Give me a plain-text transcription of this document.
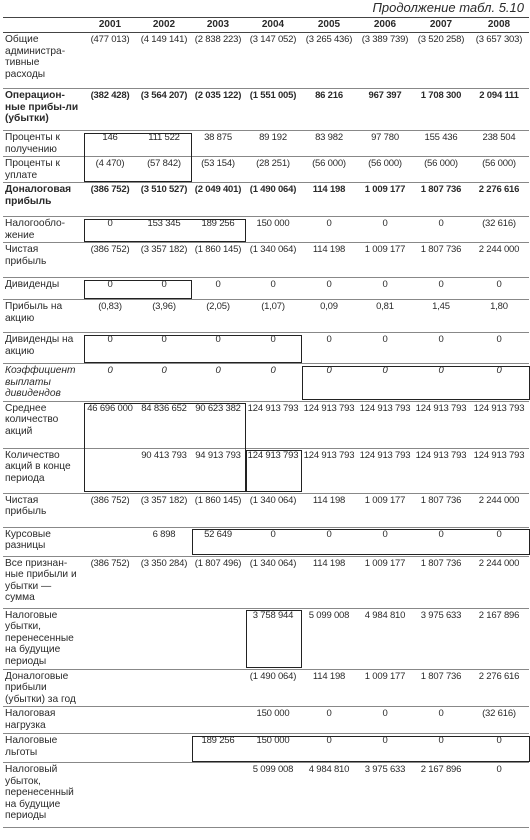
Продолжение табл. 5.10
	2001	2002	2003	2004	2005	2006	2007	2008
Общие администра-тивные расходы	(477 013)	(4 149 141)	(2 838 223)	(3 147 052)	(3 265 436)	(3 389 739)	(3 520 258)	(3 657 303)
Операцион-ные прибы-ли (убытки)	(382 428)	(3 564 207)	(2 035 122)	(1 551 005)	86 216	967 397	1 708 300	2 094 111
Проценты к получению	146	111 522	38 875	89 192	83 982	97 780	155 436	238 504
Проценты к уплате	(4 470)	(57 842)	(53 154)	(28 251)	(56 000)	(56 000)	(56 000)	(56 000)
Доналоговая прибыль	(386 752)	(3 510 527)	(2 049 401)	(1 490 064)	114 198	1 009 177	1 807 736	2 276 616
Налогообло-жение	0	153 345	189 256	150 000	0	0	0	(32 616)
Чистая прибыль	(386 752)	(3 357 182)	(1 860 145)	(1 340 064)	114 198	1 009 177	1 807 736	2 244 000
Дивиденды	0	0	0	0	0	0	0	0
Прибыль на акцию	(0,83)	(3,96)	(2,05)	(1,07)	0,09	0,81	1,45	1,80
Дивиденды на акцию	0	0	0	0	0	0	0	0
Коэффициент выплаты дивидендов	0	0	0	0	0	0	0	0
Среднее количество акций	46 696 000	84 836 652	90 623 382	124 913 793	124 913 793	124 913 793	124 913 793	124 913 793
Количество акций в конце периода		90 413 793	94 913 793	124 913 793	124 913 793	124 913 793	124 913 793	124 913 793
Чистая прибыль	(386 752)	(3 357 182)	(1 860 145)	(1 340 064)	114 198	1 009 177	1 807 736	2 244 000
Курсовые разницы		6 898	52 649	0	0	0	0	0
Все признан-ные прибыли и убытки — сумма	(386 752)	(3 350 284)	(1 807 496)	(1 340 064)	114 198	1 009 177	1 807 736	2 244 000
Налоговые убытки, перенесенные на будущие периоды				3 758 944	5 099 008	4 984 810	3 975 633	2 167 896
Доналоговые прибыли (убытки) за год				(1 490 064)	114 198	1 009 177	1 807 736	2 276 616
Налоговая нагрузка				150 000	0	0	0	(32 616)
Налоговые льготы			189 256	150 000	0	0	0	0
Налоговый убыток, перенесенный на будущие периоды				5 099 008	4 984 810	3 975 633	2 167 896	0
